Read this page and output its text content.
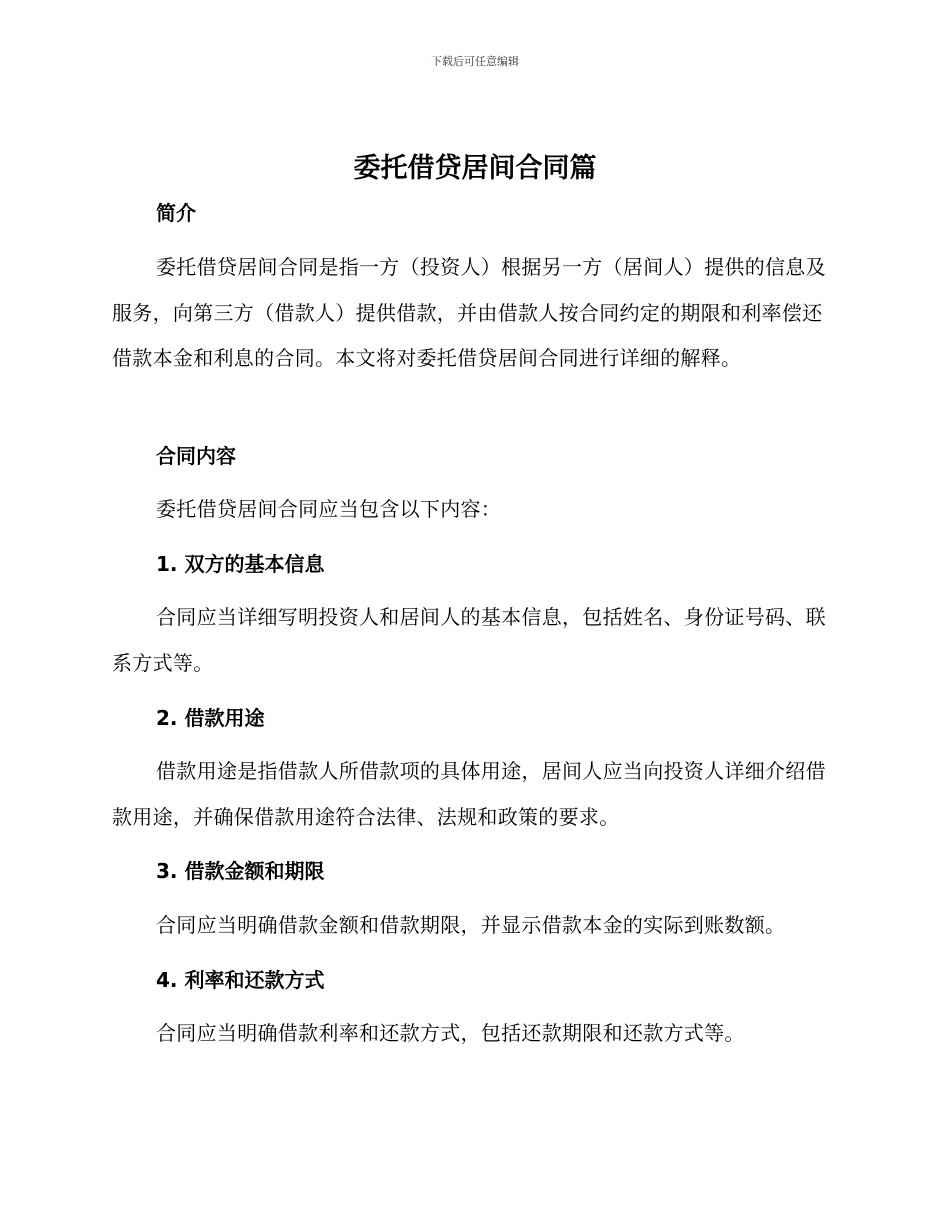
下载后可任意编辑
委托借贷居间合同篇
简介

委托借贷居间合同是指一方（投资人）根据另一方（居间人）提供的信息及服务，向第三方（借款人）提供借款，并由借款人按合同约定的期限和利率偿还借款本金和利息的合同。本文将对委托借贷居间合同进行详细的解释。

合同内容

委托借贷居间合同应当包含以下内容：

1. 双方的基本信息

合同应当详细写明投资人和居间人的基本信息，包括姓名、身份证号码、联系方式等。

2. 借款用途

借款用途是指借款人所借款项的具体用途，居间人应当向投资人详细介绍借款用途，并确保借款用途符合法律、法规和政策的要求。

3. 借款金额和期限

合同应当明确借款金额和借款期限，并显示借款本金的实际到账数额。

4. 利率和还款方式

合同应当明确借款利率和还款方式，包括还款期限和还款方式等。
